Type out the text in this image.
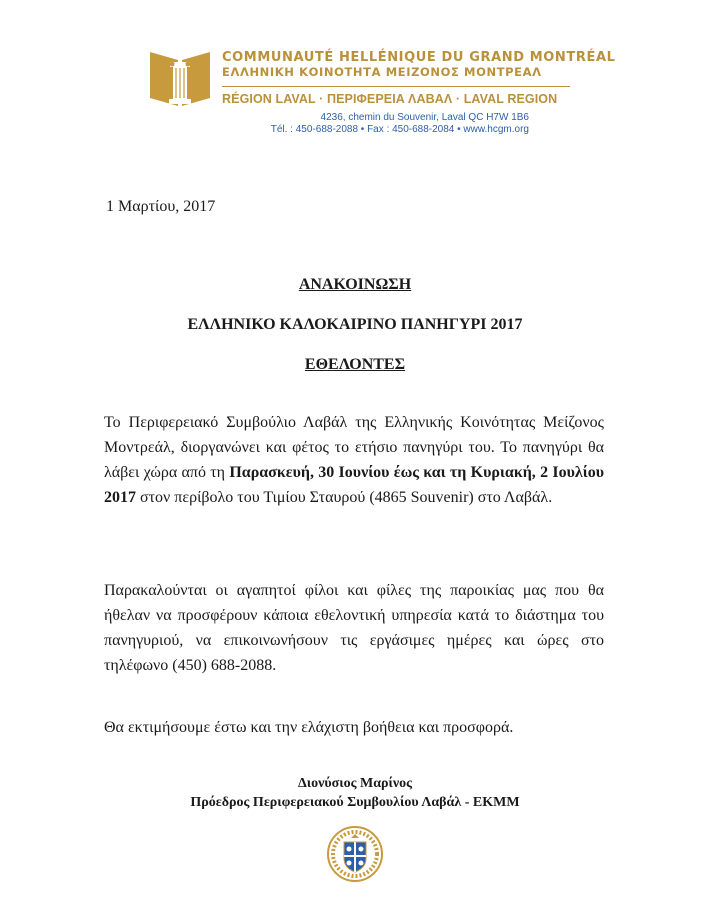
COMMUNAUTÉ HELLÉNIQUE DU GRAND MONTRÉAL
ΕΛΛΗΝΙΚΗ ΚΟΙΝΟΤΗΤΑ ΜΕΙΖΟΝΟΣ ΜΟΝΤΡΕΑΛ
RÉGION LAVAL · ΠΕΡΙΦΕΡΕΙΑ ΛΑΒΑΛ · LAVAL REGION
4236, chemin du Souvenir, Laval QC H7W 1B6
Tél. : 450-688-2088 • Fax : 450-688-2084 • www.hcgm.org
1 Μαρτίου, 2017
ΑΝΑΚΟΙΝΩΣΗ
ΕΛΛΗΝΙΚΟ ΚΑΛΟΚΑΙΡΙΝΟ ΠΑΝΗΓΥΡΙ 2017
ΕΘΕΛΟΝΤΕΣ
Το Περιφερειακό Συμβούλιο Λαβάλ της Ελληνικής Κοινότητας Μείζονος Μοντρεάλ, διοργανώνει και φέτος το ετήσιο πανηγύρι του. Το πανηγύρι θα λάβει χώρα από τη Παρασκευή, 30 Ιουνίου έως και τη Κυριακή, 2 Ιουλίου 2017 στον περίβολο του Τιμίου Σταυρού (4865 Souvenir) στο Λαβάλ.
Παρακαλούνται οι αγαπητοί φίλοι και φίλες της παροικίας μας που θα ήθελαν να προσφέρουν κάποια εθελοντική υπηρεσία κατά το διάστημα του πανηγυριού, να επικοινωνήσουν τις εργάσιμες ημέρες και ώρες στο τηλέφωνο (450) 688-2088.
Θα εκτιμήσουμε έστω και την ελάχιστη βοήθεια και προσφορά.
Διονύσιος Μαρίνος
Πρόεδρος Περιφερειακού Συμβουλίου Λαβάλ - ΕΚΜΜ
